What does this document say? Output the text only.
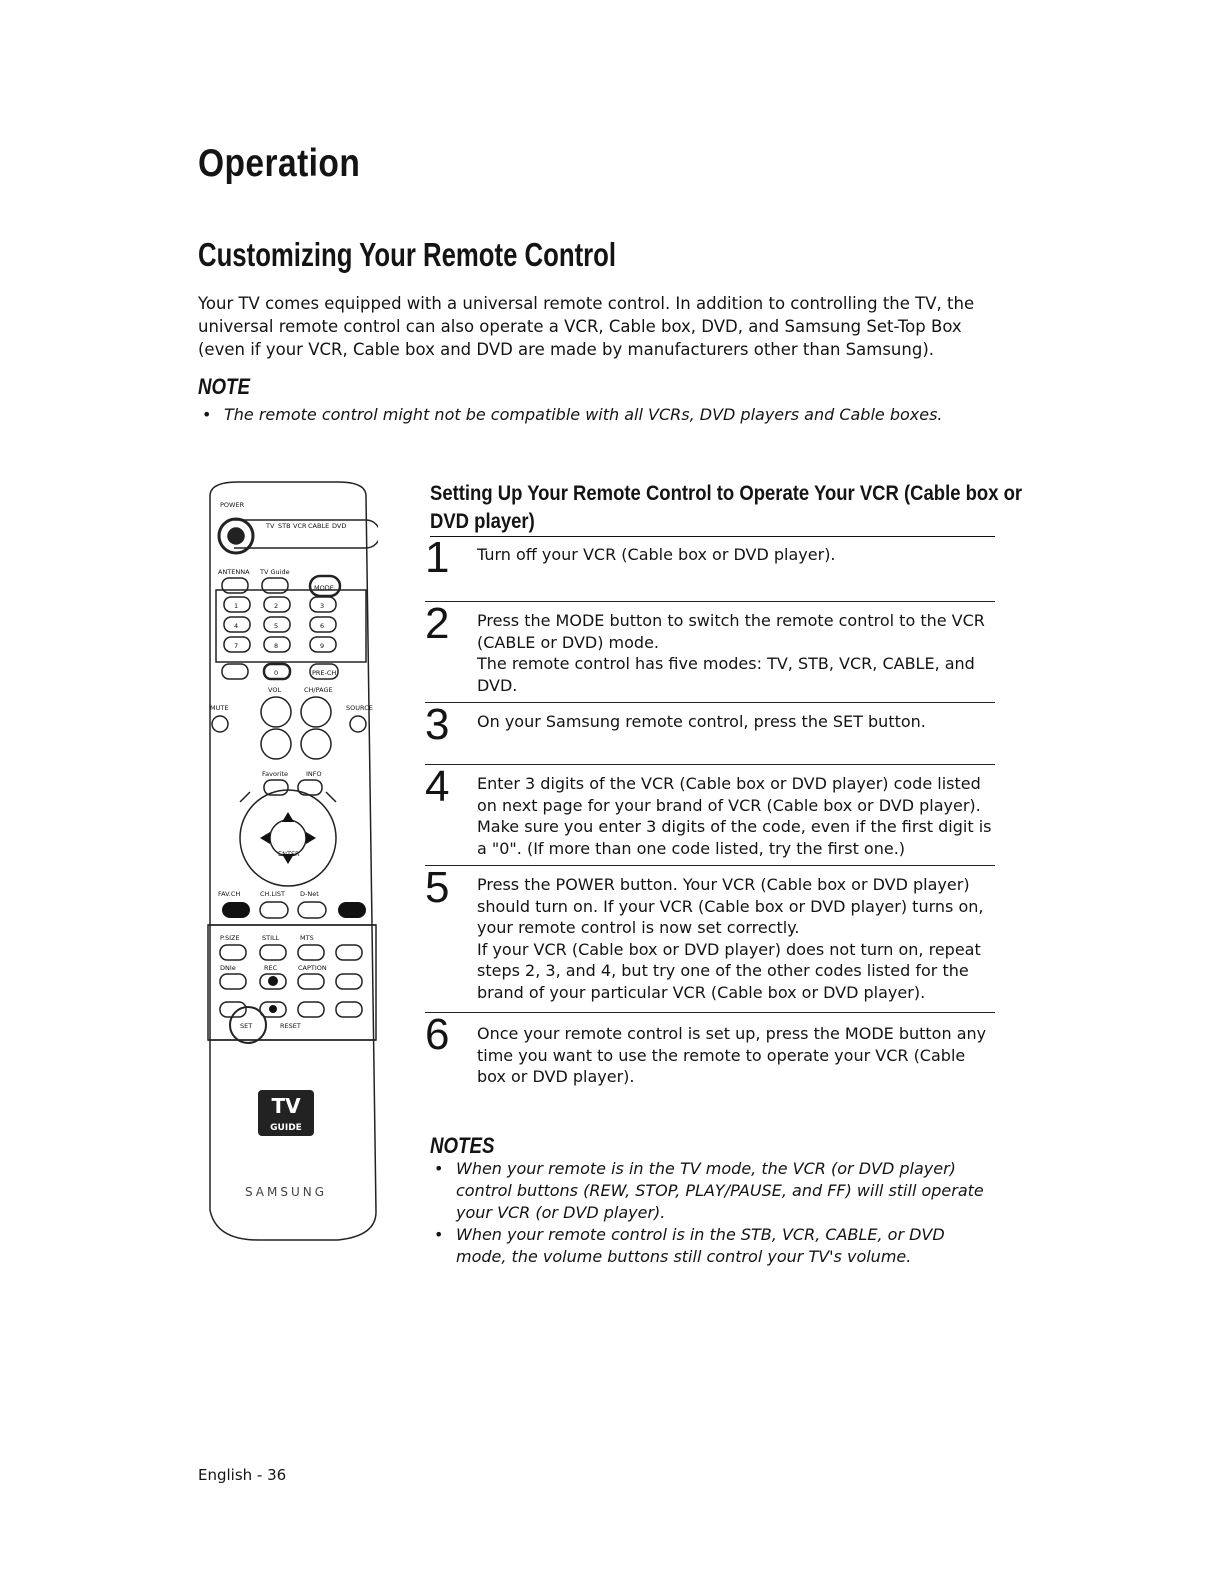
Operation
Customizing Your Remote Control
Your TV comes equipped with a universal remote control. In addition to controlling the TV, the universal remote control can also operate a VCR, Cable box, DVD, and Samsung Set-Top Box (even if your VCR, Cable box and DVD are made by manufacturers other than Samsung).
NOTE
• The remote control might not be compatible with all VCRs, DVD players and Cable boxes.
POWER
TV STB VCR CABLE DVD
ANTENNA TV Guide
MODE
1	2	3
4	5	6
7	8	9
0	PRE-CH
VOL	CH/PAGE
MUTE	SOURCE
Favorite	INFO
ENTER
FAV.CH	CH.LIST D-Net
P.SIZE	STILL	MTS
DNIe	REC	CAPTION
SET	RESET
TV
GUIDE
SAMSUNG
Setting Up Your Remote Control to Operate Your VCR (Cable box or
DVD player)
1 Turn off your VCR (Cable box or DVD player).
2 Press the MODE button to switch the remote control to the VCR (CABLE or DVD) mode.
The remote control has five modes: TV, STB, VCR, CABLE, and DVD.
3 On your Samsung remote control, press the SET button.
4 Enter 3 digits of the VCR (Cable box or DVD player) code listed on next page for your brand of VCR (Cable box or DVD player). Make sure you enter 3 digits of the code, even if the first digit is a "0". (If more than one code listed, try the first one.)
5 Press the POWER button. Your VCR (Cable box or DVD player) should turn on. If your VCR (Cable box or DVD player) turns on, your remote control is now set correctly.
If your VCR (Cable box or DVD player) does not turn on, repeat steps 2, 3, and 4, but try one of the other codes listed for the brand of your particular VCR (Cable box or DVD player).
6 Once your remote control is set up, press the MODE button any time you want to use the remote to operate your VCR (Cable box or DVD player).
NOTES
• When your remote is in the TV mode, the VCR (or DVD player) control buttons (REW, STOP, PLAY/PAUSE, and FF) will still operate your VCR (or DVD player).
• When your remote control is in the STB, VCR, CABLE, or DVD mode, the volume buttons still control your TV's volume.
English - 36
